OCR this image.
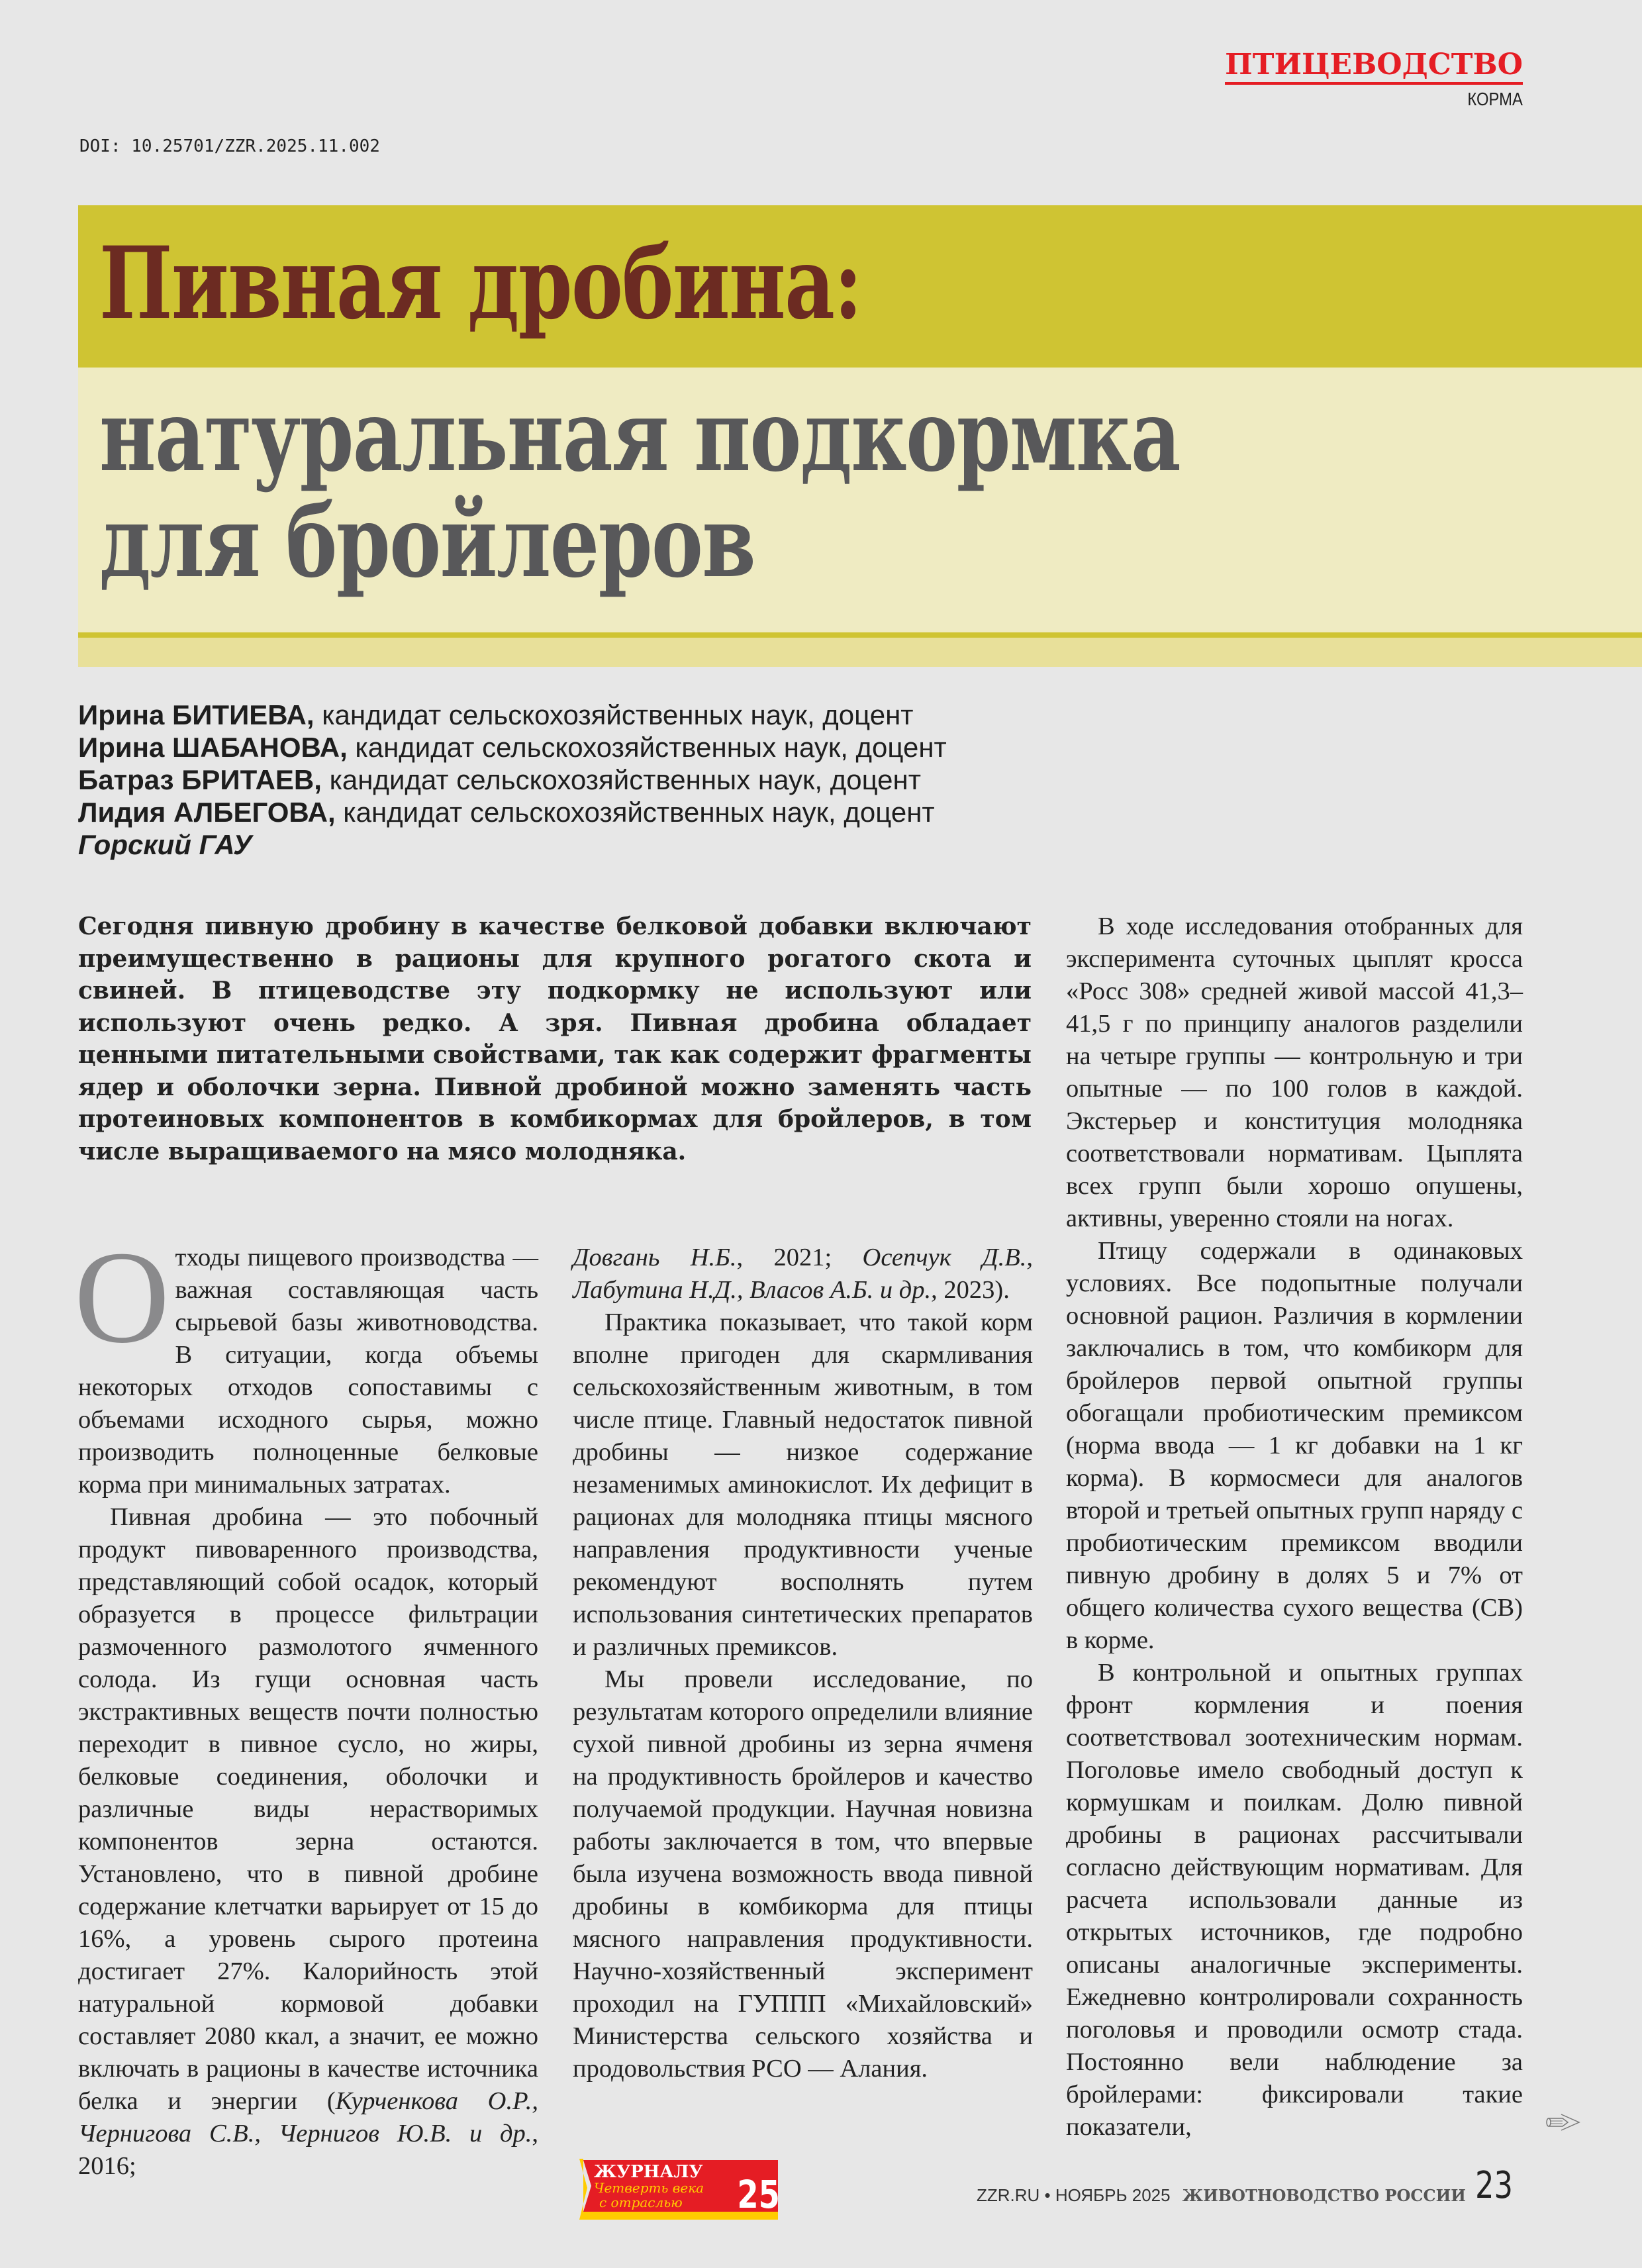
ПТИЦЕВОДСТВО
КОРМА
DOI: 10.25701/ZZR.2025.11.002
Пивная дробина:
натуральная подкормка
для бройлеров
Ирина БИТИЕВА, кандидат сельскохозяйственных наук, доцент
Ирина ШАБАНОВА, кандидат сельскохозяйственных наук, доцент
Батраз БРИТАЕВ, кандидат сельскохозяйственных наук, доцент
Лидия АЛБЕГОВА, кандидат сельскохозяйственных наук, доцент
Горский ГАУ
Сегодня пивную дробину в качестве белковой добавки включают преимущественно в рационы для крупного рогатого скота и свиней. В птицеводстве эту подкормку не используют или используют очень редко. А зря. Пивная дробина обладает ценными питательными свойствами, так как содержит фрагменты ядер и оболочки зерна. Пивной дробиной можно заменять часть протеиновых компонентов в комбикормах для бройлеров, в том числе выращиваемого на мясо молодняка.

Отходы пищевого производства — важная составляющая часть сырьевой базы животноводства. В ситуации, когда объемы некоторых отходов сопоставимы с объемами исходного сырья, можно производить полноценные белковые корма при минимальных затратах.

Пивная дробина — это побочный продукт пивоваренного производства, представляющий собой осадок, который образуется в процессе фильтрации размоченного размолотого ячменного солода. Из гущи основная часть экстрактивных веществ почти полностью переходит в пивное сусло, но жиры, белковые соединения, оболочки и различные виды нерастворимых компонентов зерна остаются. Установлено, что в пивной дробине содержание клетчатки варьирует от 15 до 16%, а уровень сырого протеина достигает 27%. Калорийность этой натуральной кормовой добавки составляет 2080 ккал, а значит, ее можно включать в рационы в качестве источника белка и энергии (Курченкова О.Р., Чернигова С.В., Чернигов Ю.В. и др., 2016;

Довгань Н.Б., 2021; Осепчук Д.В., Лабутина Н.Д., Власов А.Б. и др., 2023).

Практика показывает, что такой корм вполне пригоден для скармливания сельскохозяйственным животным, в том числе птице. Главный недостаток пивной дробины — низкое содержание незаменимых аминокислот. Их дефицит в рационах для молодняка птицы мясного направления продуктивности ученые рекомендуют восполнять путем использования синтетических препаратов и различных премиксов.

Мы провели исследование, по результатам которого определили влияние сухой пивной дробины из зерна ячменя на продуктивность бройлеров и качество получаемой продукции. Научная новизна работы заключается в том, что впервые была изучена возможность ввода пивной дробины в комбикорма для птицы мясного направления продуктивности. Научно-хозяйственный эксперимент проходил на ГУППП «Михайловский» Министерства сельского хозяйства и продовольствия РСО — Алания.

В ходе исследования отобранных для эксперимента суточных цыплят кросса «Росс 308» средней живой массой 41,3–41,5 г по принципу аналогов разделили на четыре группы — контрольную и три опытные — по 100 голов в каждой. Экстерьер и конституция молодняка соответствовали нормативам. Цыплята всех групп были хорошо опушены, активны, уверенно стояли на ногах.

Птицу содержали в одинаковых условиях. Все подопытные получали основной рацион. Различия в кормлении заключались в том, что комбикорм для бройлеров первой опытной группы обогащали пробиотическим премиксом (норма ввода — 1 кг добавки на 1 кг корма). В кормосмеси для аналогов второй и третьей опытных групп наряду с пробиотическим премиксом вводили пивную дробину в долях 5 и 7% от общего количества сухого вещества (СВ) в корме.

В контрольной и опытных группах фронт кормления и поения соответствовал зоотехническим нормам. Поголовье имело свободный доступ к кормушкам и поилкам. Долю пивной дробины в рационах рассчитывали согласно действующим нормативам. Для расчета использовали данные из открытых источников, где подробно описаны аналогичные эксперименты. Ежедневно контролировали сохранность поголовья и проводили осмотр стада. Постоянно вели наблюдение за бройлерами: фиксировали такие показатели,

ЖУРНАЛУ
Четверть века
с отраслью 25	ZZR.RU • НОЯБРЬ 2025 ЖИВОТНОВОДСТВО РОССИИ 23
